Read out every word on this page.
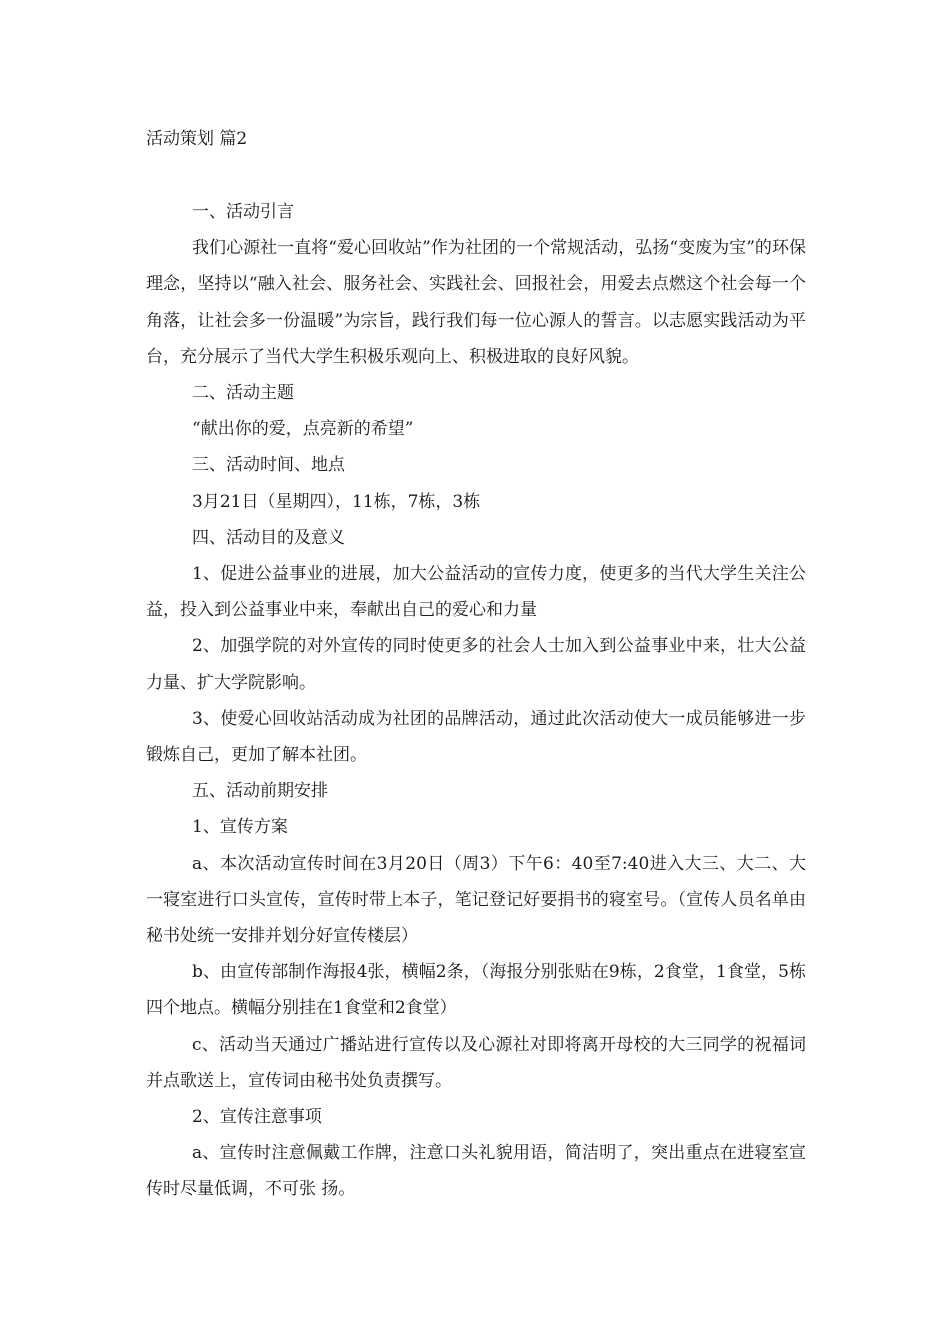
活动策划 篇2

一、活动引言

我们心源社一直将“爱心回收站”作为社团的一个常规活动，弘扬“变废为宝”的环保理念，坚持以“融入社会、服务社会、实践社会、回报社会，用爱去点燃这个社会每一个角落，让社会多一份温暖”为宗旨，践行我们每一位心源人的誓言。以志愿实践活动为平台，充分展示了当代大学生积极乐观向上、积极进取的良好风貌。

二、活动主题

“献出你的爱，点亮新的希望”

三、活动时间、地点

3月21日（星期四），11栋，7栋，3栋

四、活动目的及意义

1、促进公益事业的进展，加大公益活动的宣传力度，使更多的当代大学生关注公益，投入到公益事业中来，奉献出自己的爱心和力量

2、加强学院的对外宣传的同时使更多的社会人士加入到公益事业中来，壮大公益力量、扩大学院影响。

3、使爱心回收站活动成为社团的品牌活动，通过此次活动使大一成员能够进一步锻炼自己，更加了解本社团。

五、活动前期安排

1、宣传方案

a、本次活动宣传时间在3月20日（周3）下午6：40至7:40进入大三、大二、大一寝室进行口头宣传，宣传时带上本子，笔记登记好要捐书的寝室号。（宣传人员名单由秘书处统一安排并划分好宣传楼层）

b、由宣传部制作海报4张，横幅2条，（海报分别张贴在9栋，2食堂，1食堂，5栋四个地点。横幅分别挂在1食堂和2食堂）

c、活动当天通过广播站进行宣传以及心源社对即将离开母校的大三同学的祝福词并点歌送上，宣传词由秘书处负责撰写。

2、宣传注意事项

a、宣传时注意佩戴工作牌，注意口头礼貌用语，简洁明了，突出重点在进寝室宣传时尽量低调，不可张 扬。
